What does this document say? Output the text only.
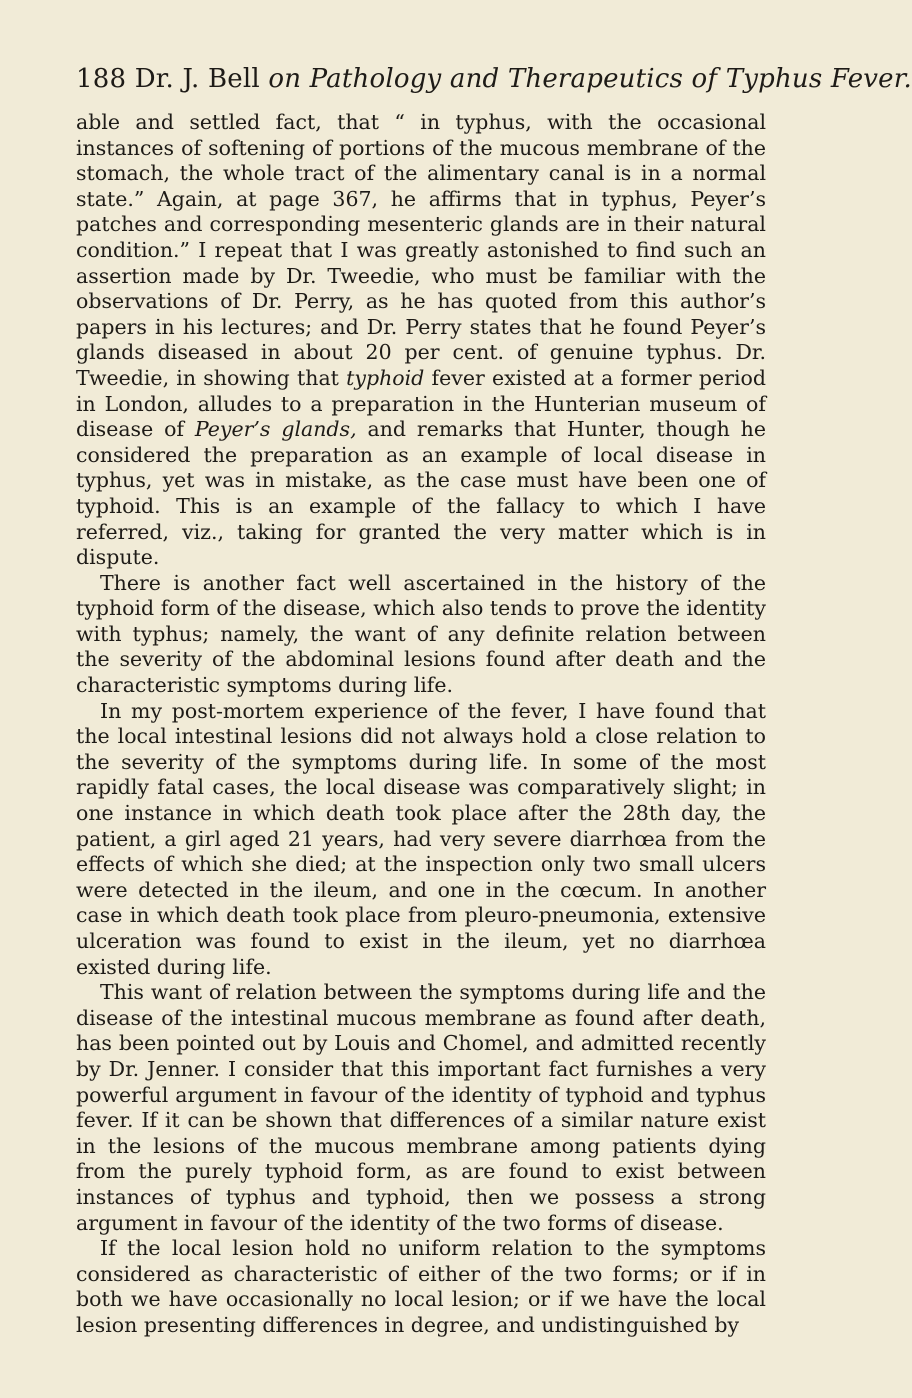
188 Dr. J. Bell on Pathology and Therapeutics of Typhus Fever.

able and settled fact, that “ in typhus, with the occasional instances of softening of portions of the mucous membrane of the stomach, the whole tract of the alimentary canal is in a normal state.” Again, at page 367, he affirms that in typhus, Peyer’s patches and corresponding mesenteric glands are in their natural condition.” I repeat that I was greatly astonished to find such an assertion made by Dr. Tweedie, who must be familiar with the observations of Dr. Perry, as he has quoted from this author’s papers in his lectures; and Dr. Perry states that he found Peyer’s glands diseased in about 20 per cent. of genuine typhus. Dr. Tweedie, in showing that typhoid fever existed at a former period in London, alludes to a preparation in the Hunterian museum of disease of Peyer’s glands, and remarks that Hunter, though he considered the preparation as an example of local disease in typhus, yet was in mistake, as the case must have been one of typhoid. This is an example of the fallacy to which I have referred, viz., taking for granted the very matter which is in dispute.

There is another fact well ascertained in the history of the typhoid form of the disease, which also tends to prove the identity with typhus; namely, the want of any definite relation between the severity of the abdominal lesions found after death and the characteristic symptoms during life.

In my post-mortem experience of the fever, I have found that the local intestinal lesions did not always hold a close relation to the severity of the symptoms during life. In some of the most rapidly fatal cases, the local disease was comparatively slight; in one instance in which death took place after the 28th day, the patient, a girl aged 21 years, had very severe diarrhœa from the effects of which she died; at the inspection only two small ulcers were detected in the ileum, and one in the cœcum. In another case in which death took place from pleuro-pneumonia, extensive ulceration was found to exist in the ileum, yet no diarrhœa existed during life.

This want of relation between the symptoms during life and the disease of the intestinal mucous membrane as found after death, has been pointed out by Louis and Chomel, and admitted recently by Dr. Jenner. I consider that this important fact furnishes a very powerful argument in favour of the identity of typhoid and typhus fever. If it can be shown that differences of a similar nature exist in the lesions of the mucous membrane among patients dying from the purely typhoid form, as are found to exist between instances of typhus and typhoid, then we possess a strong argument in favour of the identity of the two forms of disease.

If the local lesion hold no uniform relation to the symptoms considered as characteristic of either of the two forms; or if in both we have occasionally no local lesion; or if we have the local lesion presenting differences in degree, and undistinguished by
